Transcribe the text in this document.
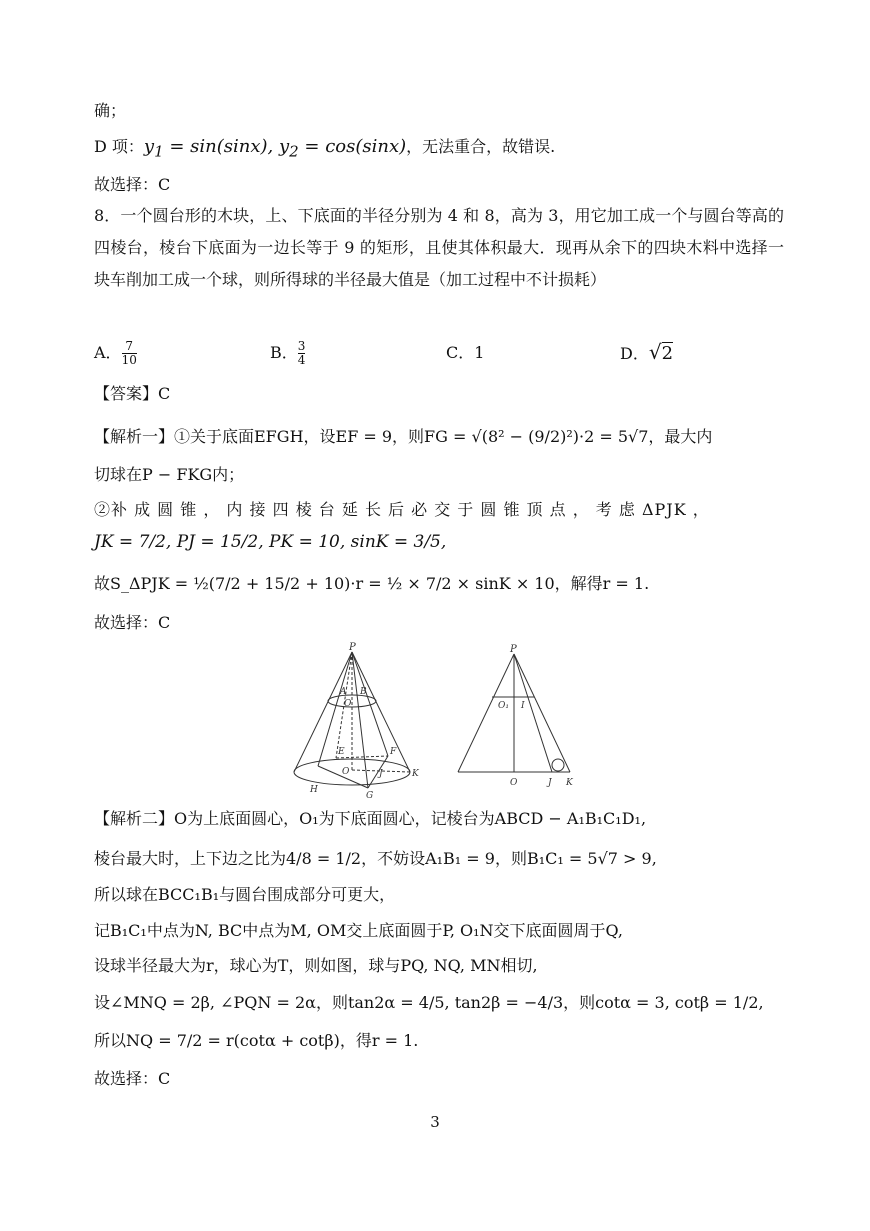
确；
D 项：$y_1 = \sin(\sin x)$, $y_2 = \cos(\sin x)$，无法重合，故错误.
故选择：C
8．一个圆台形的木块，上、下底面的半径分别为 4 和 8，高为 3，用它加工成一个与圆台等高的四棱台，棱台下底面为一边长等于 9 的矩形，且使其体积最大．现再从余下的四块木料中选择一块车削加工成一个球，则所得球的半径最大值是（加工过程中不计损耗）
A． $\frac{7}{10}$	B． $\frac{3}{4}$	C．1	D．√2
【答案】C
【解析一】①关于底面EFGH，设EF = 9，则FG = √(8² − (9/2)²)·2 = 5√7，最大内
切球在P − FKG内；
②补 成 圆 锥 ， 内 接 四 棱 台 延 长 后 必 交 于 圆 锥 顶 点 ， 考 虑 ΔPJK ，
JK = 7/2, PJ = 15/2, PK = 10, sinK = 3/5,
故S_ΔPJK = ½(7/2 + 15/2 + 10)·r = ½ × 7/2 × sinK × 10，解得r = 1.
故选择：C
P
A B
O
E	F
O	J	K
H
G
P
O₁ I
O	J K
【解析二】O为上底面圆心，O₁为下底面圆心，记棱台为ABCD − A₁B₁C₁D₁,
棱台最大时，上下边之比为4/8 = 1/2，不妨设A₁B₁ = 9，则B₁C₁ = 5√7 > 9,
所以球在BCC₁B₁与圆台围成部分可更大，
记B₁C₁中点为N, BC中点为M, OM交上底面圆于P, O₁N交下底面圆周于Q,
设球半径最大为r，球心为T，则如图，球与PQ, NQ, MN相切,
设∠MNQ = 2β, ∠PQN = 2α，则tan2α = 4/5, tan2β = −4/3，则cotα = 3, cotβ = 1/2,
所以NQ = 7/2 = r(cotα + cotβ)，得r = 1.
故选择：C
3
